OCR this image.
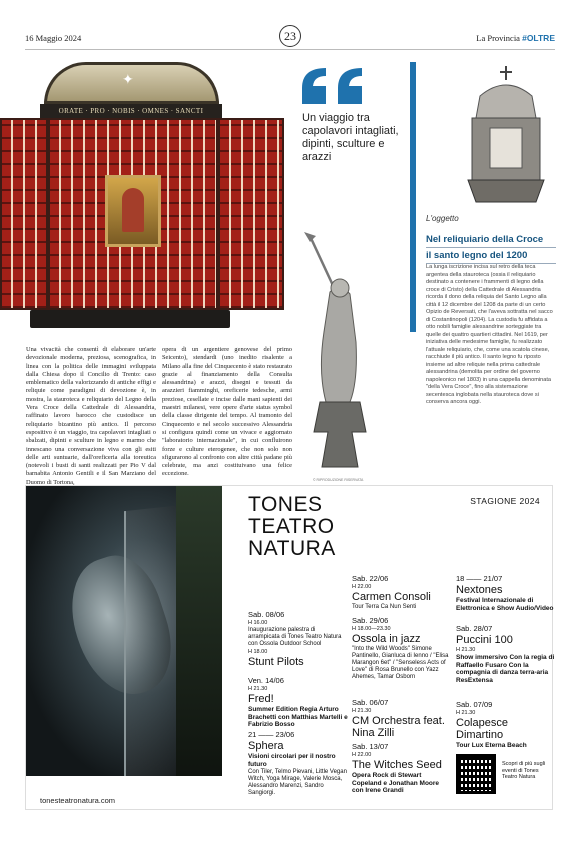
16 Maggio 2024	23	La Provincia #OLTRE
✦
ORATE · PRO · NOBIS · OMNES · SANCTI
Un viaggio tra capolavori intagliati, dipinti, sculture e arazzi
© RIPRODUZIONE RISERVATA
L'oggetto
Nel reliquiario della Croce
il santo legno del 1200
La lunga iscrizione incisa sul retro della teca argentea della stauroteca (ossia il reliquiario destinato a contenere i frammenti di legno della croce di Cristo) della Cattedrale di Alessandria ricorda il dono della reliquia del Santo Legno alla città il 12 dicembre del 1208 da parte di un certo Opizio de Reversati, che l'aveva sottratta nel sacco di Costantinopoli (1204). La custodia fu affidata a otto nobili famiglie alessandrine sorteggiate tra quelle dei quattro quartieri cittadini. Nel 1619, per iniziativa delle medesime famiglie, fu realizzato l'attuale reliquiario, che, come una scatola cinese, racchiude il più antico. Il santo legno fu riposto insieme ad altre reliquie nella prima cattedrale alessandrina (demolita per ordine del governo napoleonico nel 1803) in una cappella denominata "della Vera Croce", fino alla sistemazione secentesca inglobata nella stauroteca dove si conserva ancora oggi.
Una vivacità che consentì di elaborare un'arte devozionale moderna, preziosa, scenografica, in linea con la politica delle immagini sviluppata dalla Chiesa dopo il Concilio di Trento: caso emblematico della valorizzando di antiche effigi e reliquie come paradigmi di devozione è, in mostra, la stauroteca e reliquiario del Legno della Vera Croce della Cattedrale di Alessandria, raffinato lavoro barocco che custodisce un reliquiario bizantino più antico. Il percorso espositivo è un viaggio, tra capolavori intagliati o sbalzati, dipinti e sculture in legno e marmo che innescano una conversazione viva con gli esiti delle arti suntuarie, dall'oreficeria alla toreutica (notevoli i busti di santi realizzati per Pio V dal barnabita Antonio Gentili e il San Marziano del Duomo di Tortona,
opera di un argentiere genovese del primo Seicento), stendardi (uno inedito risalente a Milano alla fine del Cinquecento è stato restaurato grazie al finanziamento della Consulta alessandrina) e arazzi, disegni e tessuti da arazzieri fiamminghi, oreficerie tedesche, armi preziose, cesellate e incise dalle mani sapienti dei maestri milanesi, vere opere d'arte status symbol della classe dirigente del tempo. Al tramonto del Cinquecento e nel secolo successivo Alessandria si configura quindi come un vivace e aggiornato "laboratorio internazionale", in cui confluirono forze e culture eterogenee, che non solo non sfigurarono al confronto con altre città padane più celebrate, ma anzi costituivano una felice eccezione.
tonesteatronatura.com
TONES
TEATRO
NATURA
STAGIONE 2024
Sab. 08/06
H 16.00
Inaugurazione palestra di arrampicata di Tones Teatro Natura con Ossola Outdoor School
H 18.00
Stunt Pilots
Ven. 14/06
H 21.30
Fred!
Summer Edition Regia Arturo Brachetti con Matthias Martelli e Fabrizio Bosso
21 —— 23/06
Sphera
Visioni circolari per il nostro futuro
Con Tiler, Telmo Pievani, Little Vegan Witch, Yoga Mirage, Valerie Mosca, Alessandro Marenzi, Sandro Sangiorgi.
Sab. 22/06
H 22.00
Carmen Consoli
Tour Terra Ca Nun Senti
Sab. 29/06
H 18.00—23.30
Ossola in jazz
"Into the Wild Woods" Simone Pantinello, Gianluca di Ienno / "Elisa Marangon 6et" / "Senseless Acts of Love" di Rosa Brunello con Yazz Ahemes, Tamar Osborn
Sab. 06/07
H 21.30
CM Orchestra feat. Nina Zilli
Sab. 13/07
H 22.00
The Witches Seed
Opera Rock di Stewart Copeland e Jonathan Moore con Irene Grandi
18 —— 21/07
Nextones
Festival Internazionale di Elettronica e Show Audio/Video
Sab. 28/07
Puccini 100
H 21.30
Show immersivo Con la regia di Raffaello Fusaro Con la compagnia di danza terra-aria ResExtensa
Sab. 07/09
H 21.30
Colapesce Dimartino
Tour Lux Eterna Beach
Scopri di più sugli eventi di Tones Teatro Natura
